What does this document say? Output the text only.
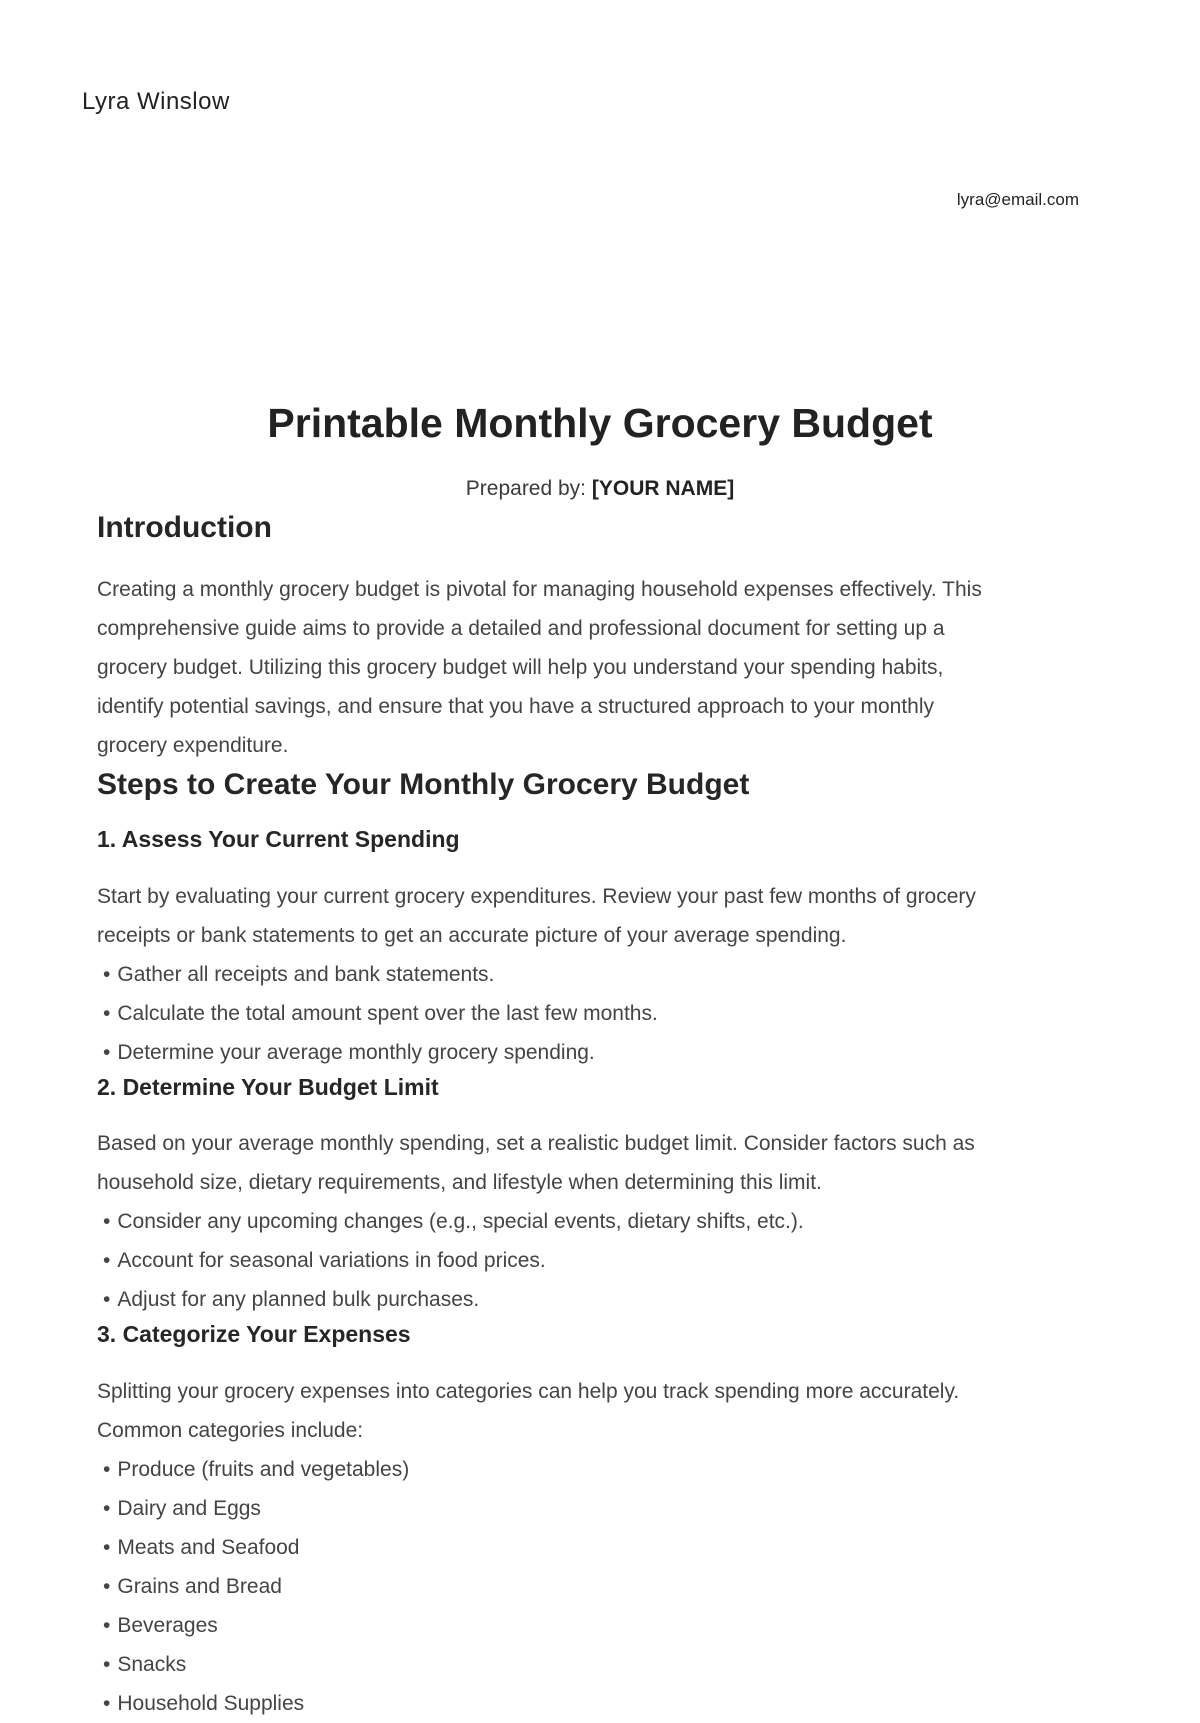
Lyra Winslow
lyra@email.com
Printable Monthly Grocery Budget
Prepared by: [YOUR NAME]
Introduction
Creating a monthly grocery budget is pivotal for managing household expenses effectively. This
comprehensive guide aims to provide a detailed and professional document for setting up a
grocery budget. Utilizing this grocery budget will help you understand your spending habits,
identify potential savings, and ensure that you have a structured approach to your monthly
grocery expenditure.
Steps to Create Your Monthly Grocery Budget
1. Assess Your Current Spending
Start by evaluating your current grocery expenditures. Review your past few months of grocery
receipts or bank statements to get an accurate picture of your average spending.
• Gather all receipts and bank statements.
• Calculate the total amount spent over the last few months.
• Determine your average monthly grocery spending.
2. Determine Your Budget Limit
Based on your average monthly spending, set a realistic budget limit. Consider factors such as
household size, dietary requirements, and lifestyle when determining this limit.
• Consider any upcoming changes (e.g., special events, dietary shifts, etc.).
• Account for seasonal variations in food prices.
• Adjust for any planned bulk purchases.
3. Categorize Your Expenses
Splitting your grocery expenses into categories can help you track spending more accurately.
Common categories include:
• Produce (fruits and vegetables)
• Dairy and Eggs
• Meats and Seafood
• Grains and Bread
• Beverages
• Snacks
• Household Supplies
